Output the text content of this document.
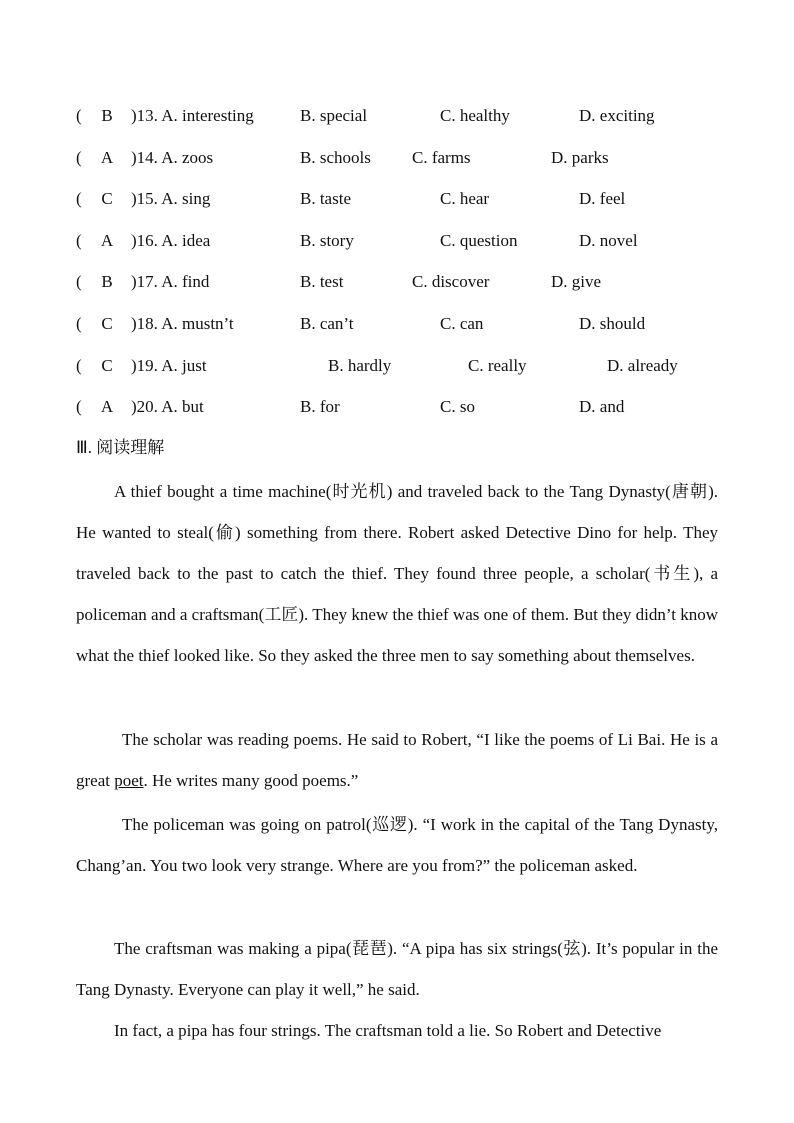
( B )13. A. interesting	B. special	C. healthy	D. exciting
( A )14. A. zoos	B. schools C. farms	D. parks
( C )15. A. sing	B. taste	C. hear	D. feel
( A )16. A. idea	B. story	C. question	D. novel
( B )17. A. find	B. test	C. discover	D. give
( C )18. A. mustn’t	B. can’t	C. can	D. should
( C )19. A. just	B. hardly	C. really	D. already
( A )20. A. but	B. for	C. so	D. and
Ⅲ. 阅读理解
A thief bought a time machine(时光机) and traveled back to the Tang Dynasty(唐朝). He wanted to steal(偷) something from there. Robert asked Detective Dino for help. They traveled back to the past to catch the thief. They found three people, a scholar(书生), a policeman and a craftsman(工匠). They knew the thief was one of them. But they didn’t know what the thief looked like. So they asked the three men to say something about themselves.
The scholar was reading poems. He said to Robert, “I like the poems of Li Bai. He is a great poet. He writes many good poems.”
The policeman was going on patrol(巡逻). “I work in the capital of the Tang Dynasty, Chang’an. You two look very strange. Where are you from?” the policeman asked.
The craftsman was making a pipa(琵琶). “A pipa has six strings(弦). It’s popular in the Tang Dynasty. Everyone can play it well,” he said.
In fact, a pipa has four strings. The craftsman told a lie. So Robert and Detective
